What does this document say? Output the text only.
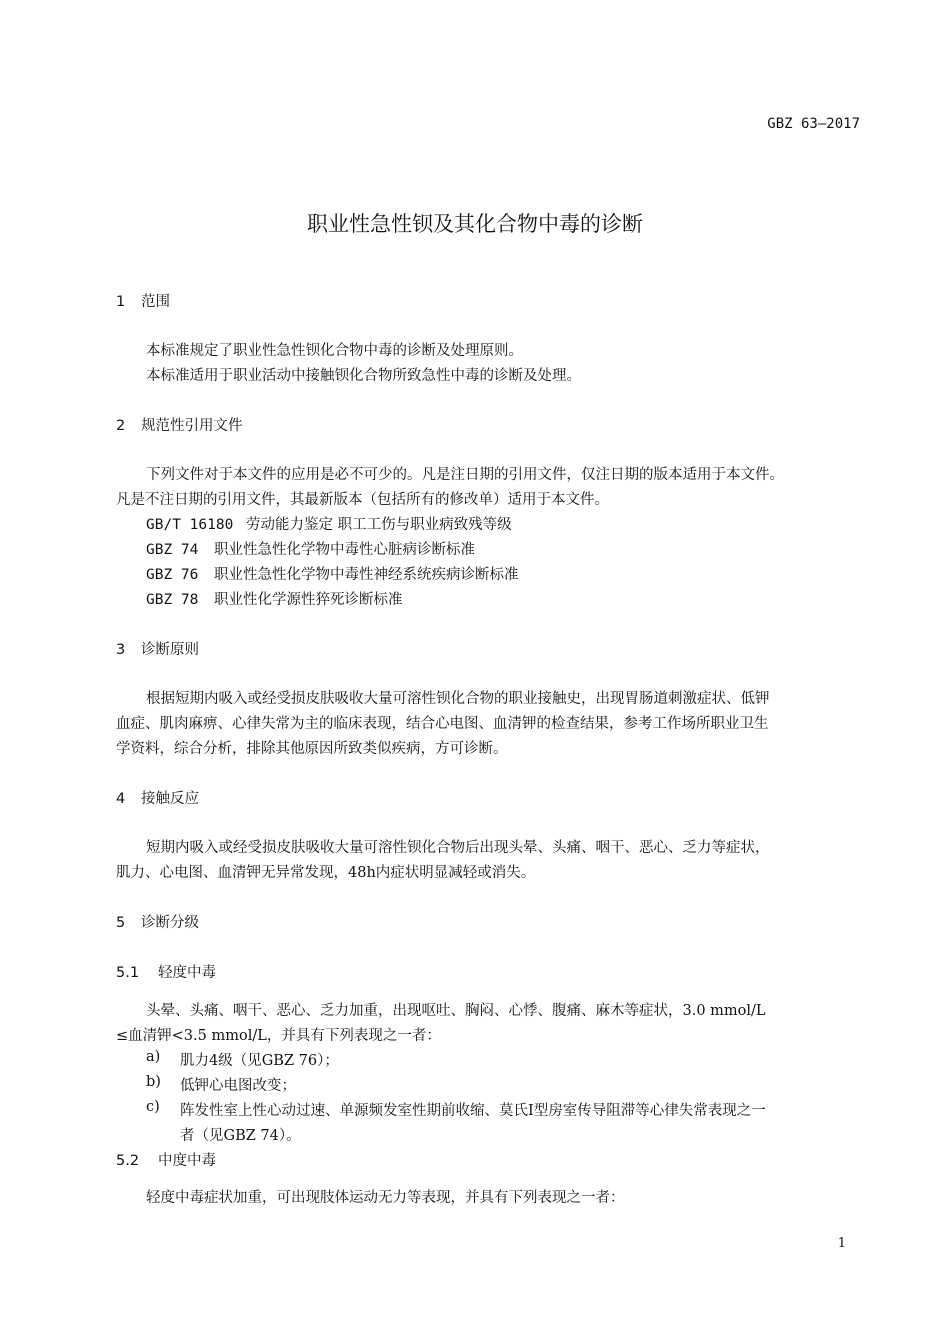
GBZ 63—2017
职业性急性钡及其化合物中毒的诊断
1 范围
本标准规定了职业性急性钡化合物中毒的诊断及处理原则。
本标准适用于职业活动中接触钡化合物所致急性中毒的诊断及处理。
2 规范性引用文件
下列文件对于本文件的应用是必不可少的。凡是注日期的引用文件，仅注日期的版本适用于本文件。
凡是不注日期的引用文件，其最新版本（包括所有的修改单）适用于本文件。
GB/T 16180 劳动能力鉴定 职工工伤与职业病致残等级
GBZ 74 职业性急性化学物中毒性心脏病诊断标准
GBZ 76 职业性急性化学物中毒性神经系统疾病诊断标准
GBZ 78 职业性化学源性猝死诊断标准
3 诊断原则
根据短期内吸入或经受损皮肤吸收大量可溶性钡化合物的职业接触史，出现胃肠道刺激症状、低钾
血症、肌肉麻痹、心律失常为主的临床表现，结合心电图、血清钾的检查结果，参考工作场所职业卫生
学资料，综合分析，排除其他原因所致类似疾病，方可诊断。
4 接触反应
短期内吸入或经受损皮肤吸收大量可溶性钡化合物后出现头晕、头痛、咽干、恶心、乏力等症状，
肌力、心电图、血清钾无异常发现，48h内症状明显减轻或消失。
5 诊断分级
5.1 轻度中毒
头晕、头痛、咽干、恶心、乏力加重，出现呕吐、胸闷、心悸、腹痛、麻木等症状，3.0 mmol/L
≤血清钾<3.5 mmol/L，并具有下列表现之一者：
a) 肌力4级（见GBZ 76）；
b) 低钾心电图改变；
c) 阵发性室上性心动过速、单源频发室性期前收缩、莫氏Ⅰ型房室传导阻滞等心律失常表现之一
者（见GBZ 74）。
5.2 中度中毒
轻度中毒症状加重，可出现肢体运动无力等表现，并具有下列表现之一者：
1
